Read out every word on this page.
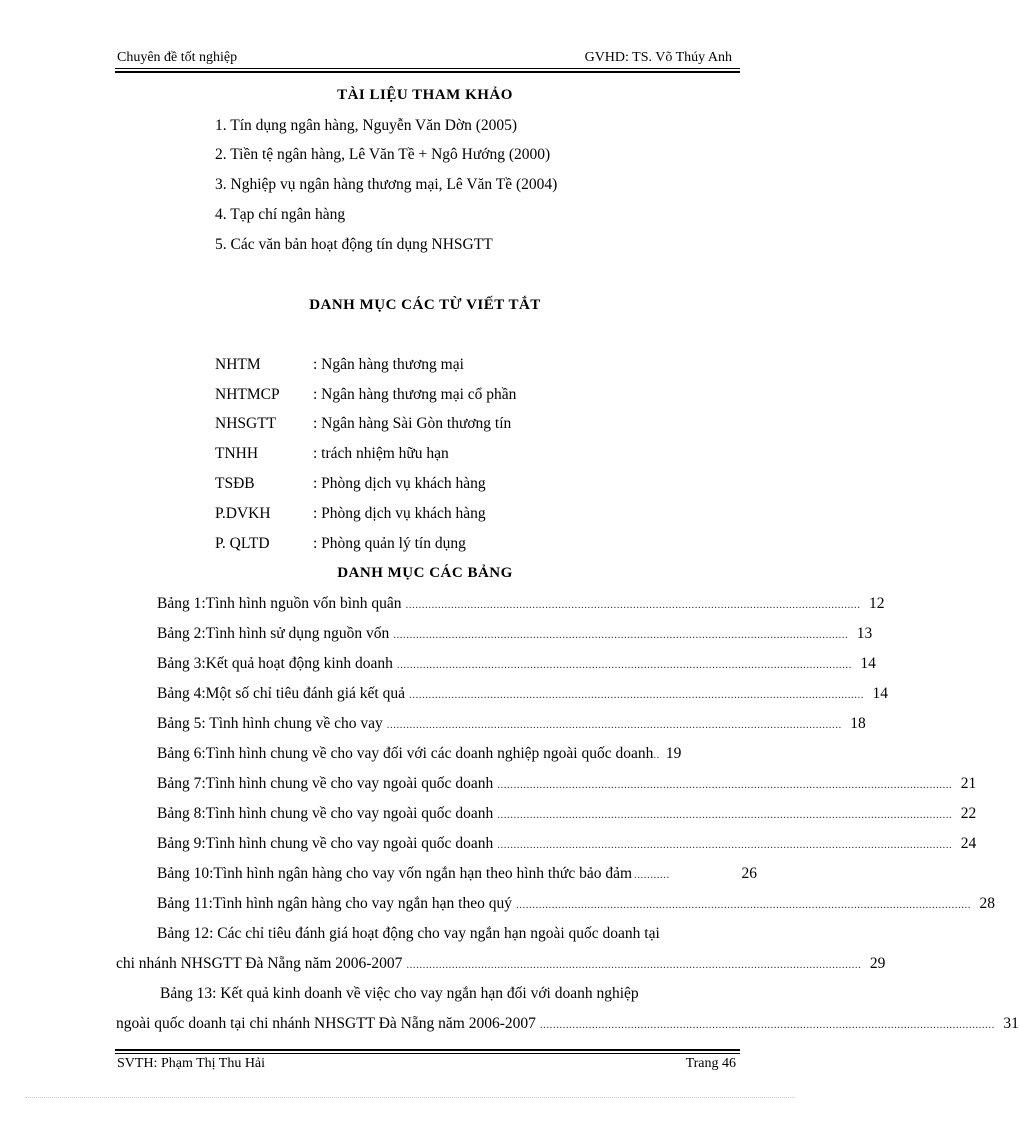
Chuyên đề tốt nghiệp	GVHD: TS. Võ Thúy Anh
TÀI LIỆU THAM KHẢO
1. Tín dụng ngân hàng, Nguyễn Văn Dờn (2005)
2. Tiền tệ ngân hàng, Lê Văn Tề + Ngô Hướng (2000)
3. Nghiệp vụ ngân hàng thương mại, Lê Văn Tề (2004)
4. Tạp chí ngân hàng
5. Các văn bản hoạt động tín dụng NHSGTT
DANH MỤC CÁC TỪ VIẾT TẮT
NHTM	: Ngân hàng thương mại
NHTMCP : Ngân hàng thương mại cổ phần
NHSGTT : Ngân hàng Sài Gòn thương tín
TNHH	: trách nhiệm hữu hạn
TSĐB	: Phòng dịch vụ khách hàng
P.DVKH	: Phòng dịch vụ khách hàng
P. QLTD	: Phòng quản lý tín dụng
DANH MỤC CÁC BẢNG
Bảng 1:Tình hình nguồn vốn bình quân ............................................................................................................................................ 12
Bảng 2:Tình hình sử dụng nguồn vốn ............................................................................................................................................ 13
Bảng 3:Kết quả hoạt động kinh doanh ............................................................................................................................................ 14
Bảng 4:Một số chỉ tiêu đánh giá kết quả ............................................................................................................................................ 14
Bảng 5: Tình hình chung về cho vay ............................................................................................................................................ 18
Bảng 6:Tình hình chung về cho vay đối với các doanh nghiệp ngoài quốc doanh .. 19
Bảng 7:Tình hình chung về cho vay ngoài quốc doanh ............................................................................................................................................ 21
Bảng 8:Tình hình chung về cho vay ngoài quốc doanh ............................................................................................................................................ 22
Bảng 9:Tình hình chung về cho vay ngoài quốc doanh ............................................................................................................................................ 24
Bảng 10:Tình hình ngân hàng cho vay vốn ngắn hạn theo hình thức bảo đảm ...........	26
Bảng 11:Tình hình ngân hàng cho vay ngắn hạn theo quý ............................................................................................................................................ 28
Bảng 12: Các chỉ tiêu đánh giá hoạt động cho vay ngắn hạn ngoài quốc doanh tại
chi nhánh NHSGTT Đà Nẵng năm 2006-2007 ............................................................................................................................................ 29
Bảng 13: Kết quả kinh doanh về việc cho vay ngắn hạn đối với doanh nghiệp
ngoài quốc doanh tại chi nhánh NHSGTT Đà Nẵng năm 2006-2007 ............................................................................................................................................ 31
SVTH: Phạm Thị Thu Hải	Trang 46
